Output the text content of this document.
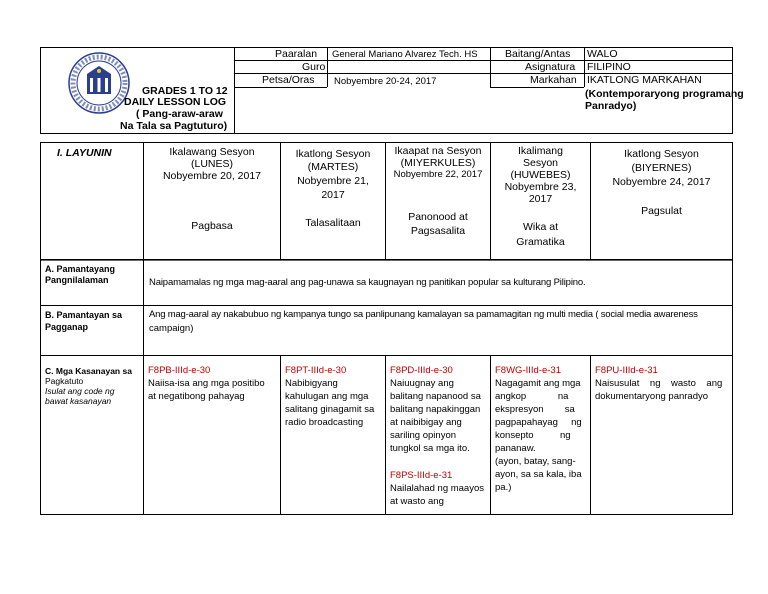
GRADES 1 TO 12
DAILY LESSON LOG
( Pang-araw-araw
Na Tala sa Pagtuturo)
Paaralan General Mariano Alvarez Tech. HS
Guro
Petsa/Oras Nobyembre 20-24, 2017
Baitang/Antas WALO
Asignatura FILIPINO
Markahan IKATLONG MARKAHAN
(Kontemporaryong programang
Panradyo)
I. LAYUNIN	Ikalawang Sesyon
(LUNES)
Nobyembre 20, 2017
Pagbasa
Ikatlong Sesyon
(MARTES)
Nobyembre 21,
2017
Talasalitaan
Ikaapat na Sesyon
(MIYERKULES)
Nobyembre 22, 2017
Panonood at
Pagsasalita
Ikalimang
Sesyon
(HUWEBES)
Nobyembre 23,
2017
Wika at
Gramatika
Ikatlong Sesyon
(BIYERNES)
Nobyembre 24, 2017
Pagsulat
A. Pamantayang
Pangnilalaman	Naipamamalas ng mga mag-aaral ang pag-unawa sa kaugnayan ng panitikan popular sa kulturang Pilipino.
B. Pamantayan sa
Pagganap
Ang mag-aaral ay nakabubuo ng kampanya tungo sa panlipunang kamalayan sa pamamagitan ng multi media ( social media awareness
campaign)
C. Mga Kasanayan sa
Pagkatuto
Isulat ang code ng
bawat kasanayan
F8PB-IIId-e-30
Naiisa-isa ang mga positibo
at negatibong pahayag
F8PT-IIId-e-30
Nabibigyang
kahulugan ang mga
salitang ginagamit sa
radio broadcasting
F8PD-IIId-e-30
Naiuugnay ang
balitang napanood sa
balitang napakinggan
at naibibigay ang
sariling opinyon
tungkol sa mga ito.
F8PS-IIId-e-31
Nailalahad ng maayos
at wasto ang
F8WG-IIId-e-31
Nagagamit ang mga
angkop            na
ekspresyon        sa
pagpapahayag     ng
konsepto          ng
pananaw.
(ayon, batay, sang-
ayon, sa sa kala, iba
pa.)
F8PU-IIId-e-31
Naisusulat    ng    wasto    ang
dokumentaryong panradyo
